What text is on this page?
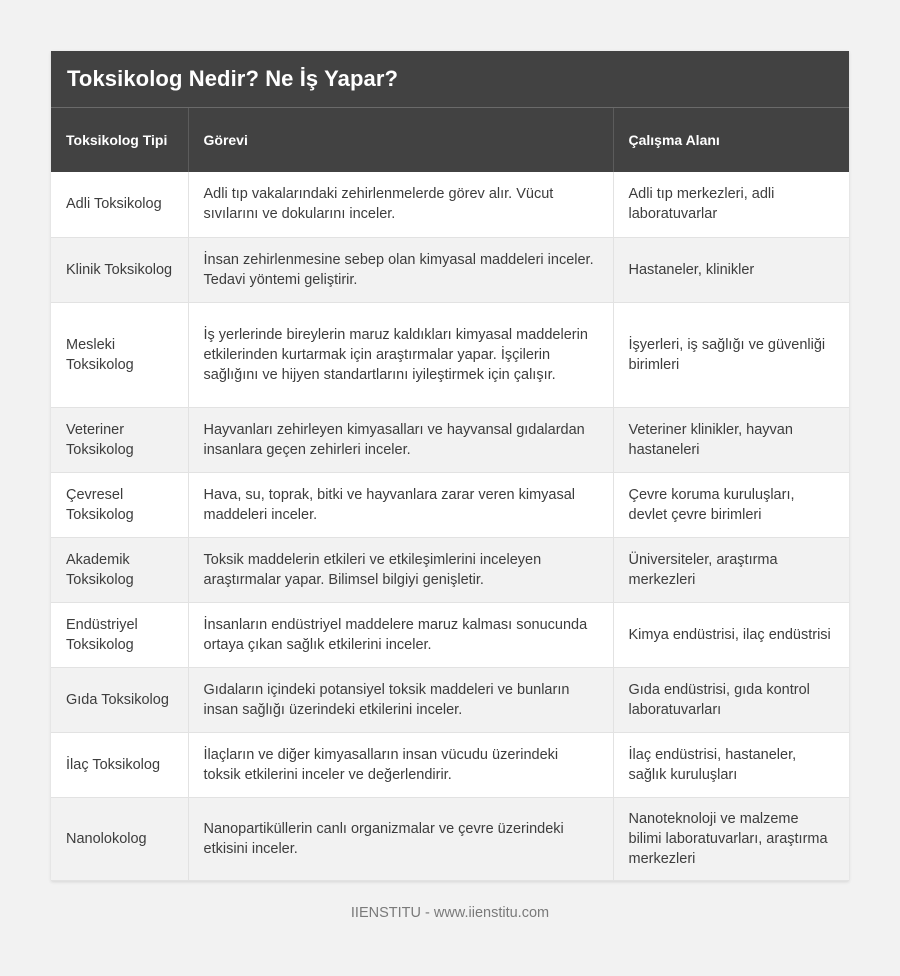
Toksikolog Nedir? Ne İş Yapar?
Toksikolog Tipi	Görevi	Çalışma Alanı
Adli Toksikolog	Adli tıp vakalarındaki zehirlenmelerde görev alır. Vücut sıvılarını ve dokularını inceler.	Adli tıp merkezleri, adli laboratuvarlar
Klinik Toksikolog	İnsan zehirlenmesine sebep olan kimyasal maddeleri inceler. Tedavi yöntemi geliştirir.	Hastaneler, klinikler
Mesleki Toksikolog	İş yerlerinde bireylerin maruz kaldıkları kimyasal maddelerin etkilerinden kurtarmak için araştırmalar yapar. İşçilerin sağlığını ve hijyen standartlarını iyileştirmek için çalışır.	İşyerleri, iş sağlığı ve güvenliği birimleri
Veteriner Toksikolog	Hayvanları zehirleyen kimyasalları ve hayvansal gıdalardan insanlara geçen zehirleri inceler.	Veteriner klinikler, hayvan hastaneleri
Çevresel Toksikolog	Hava, su, toprak, bitki ve hayvanlara zarar veren kimyasal maddeleri inceler.	Çevre koruma kuruluşları, devlet çevre birimleri
Akademik Toksikolog	Toksik maddelerin etkileri ve etkileşimlerini inceleyen araştırmalar yapar. Bilimsel bilgiyi genişletir.	Üniversiteler, araştırma merkezleri
Endüstriyel Toksikolog	İnsanların endüstriyel maddelere maruz kalması sonucunda ortaya çıkan sağlık etkilerini inceler.	Kimya endüstrisi, ilaç endüstrisi
Gıda Toksikolog	Gıdaların içindeki potansiyel toksik maddeleri ve bunların insan sağlığı üzerindeki etkilerini inceler.	Gıda endüstrisi, gıda kontrol laboratuvarları
İlaç Toksikolog	İlaçların ve diğer kimyasalların insan vücudu üzerindeki toksik etkilerini inceler ve değerlendirir.	İlaç endüstrisi, hastaneler, sağlık kuruluşları
Nanolokolog	Nanopartiküllerin canlı organizmalar ve çevre üzerindeki etkisini inceler.	Nanoteknoloji ve malzeme bilimi laboratuvarları, araştırma merkezleri
IIENSTITU - www.iienstitu.com
